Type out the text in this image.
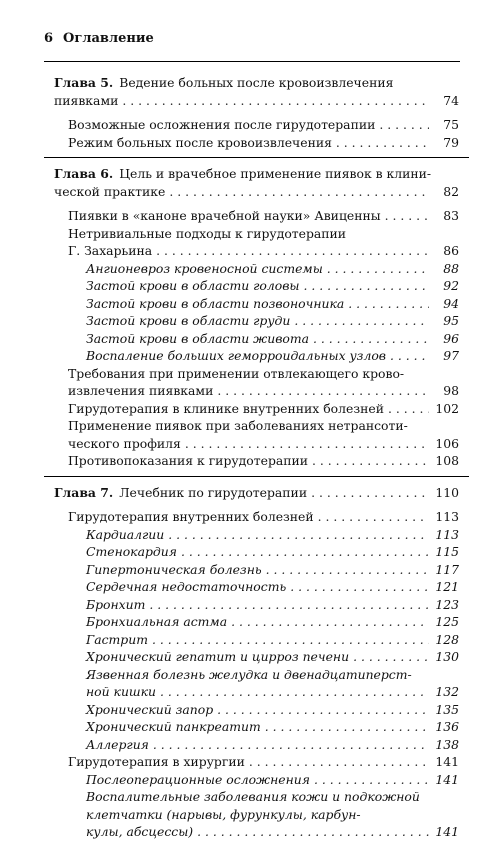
6 Оглавление
Глава 5. Ведение больных после кровоизвлечения
пиявками . . .	74
Возможные осложнения после гирудотерапии . . .	75
Режим больных после кровоизвлечения . . .	79
Глава 6. Цель и врачебное применение пиявок в клини-
ческой практике . . .	82
Пиявки в «каноне врачебной науки» Авиценны . . .	83
Нетривиальные подходы к гирудотерапии
Г. Захарьина . . .	86
Ангионевроз кровеносной системы . . .	88
Застой крови в области головы . . .	92
Застой крови в области позвоночника . . .	94
Застой крови в области груди . . .	95
Застой крови в области живота . . .	96
Воспаление больших геморроидальных узлов . . .	97
Требования при применении отвлекающего крово-
извлечения пиявками . . .	98
Гирудотерапия в клинике внутренних болезней . . .	102
Применение пиявок при заболеваниях нетрансоти-
ческого профиля . . .	106
Противопоказания к гирудотерапии . . .	108
Глава 7. Лечебник по гирудотерапии . . .	110
Гирудотерапия внутренних болезней . . .	113
Кардиалгии . . .	113
Стенокардия . . .	115
Гипертоническая болезнь . . .	117
Сердечная недостаточность . . .	121
Бронхит . . .	123
Бронхиальная астма . . .	125
Гастрит . . .	128
Хронический гепатит и цирроз печени . . .	130
Язвенная болезнь желудка и двенадцатиперст-
ной кишки . . .	132
Хронический запор . . .	135
Хронический панкреатит . . .	136
Аллергия . . .	138
Гирудотерапия в хирургии . . .	141
Послеоперационные осложнения . . .	141
Воспалительные заболевания кожи и подкожной
клетчатки (нарывы, фурункулы, карбун-
кулы, абсцессы) . . .	141
